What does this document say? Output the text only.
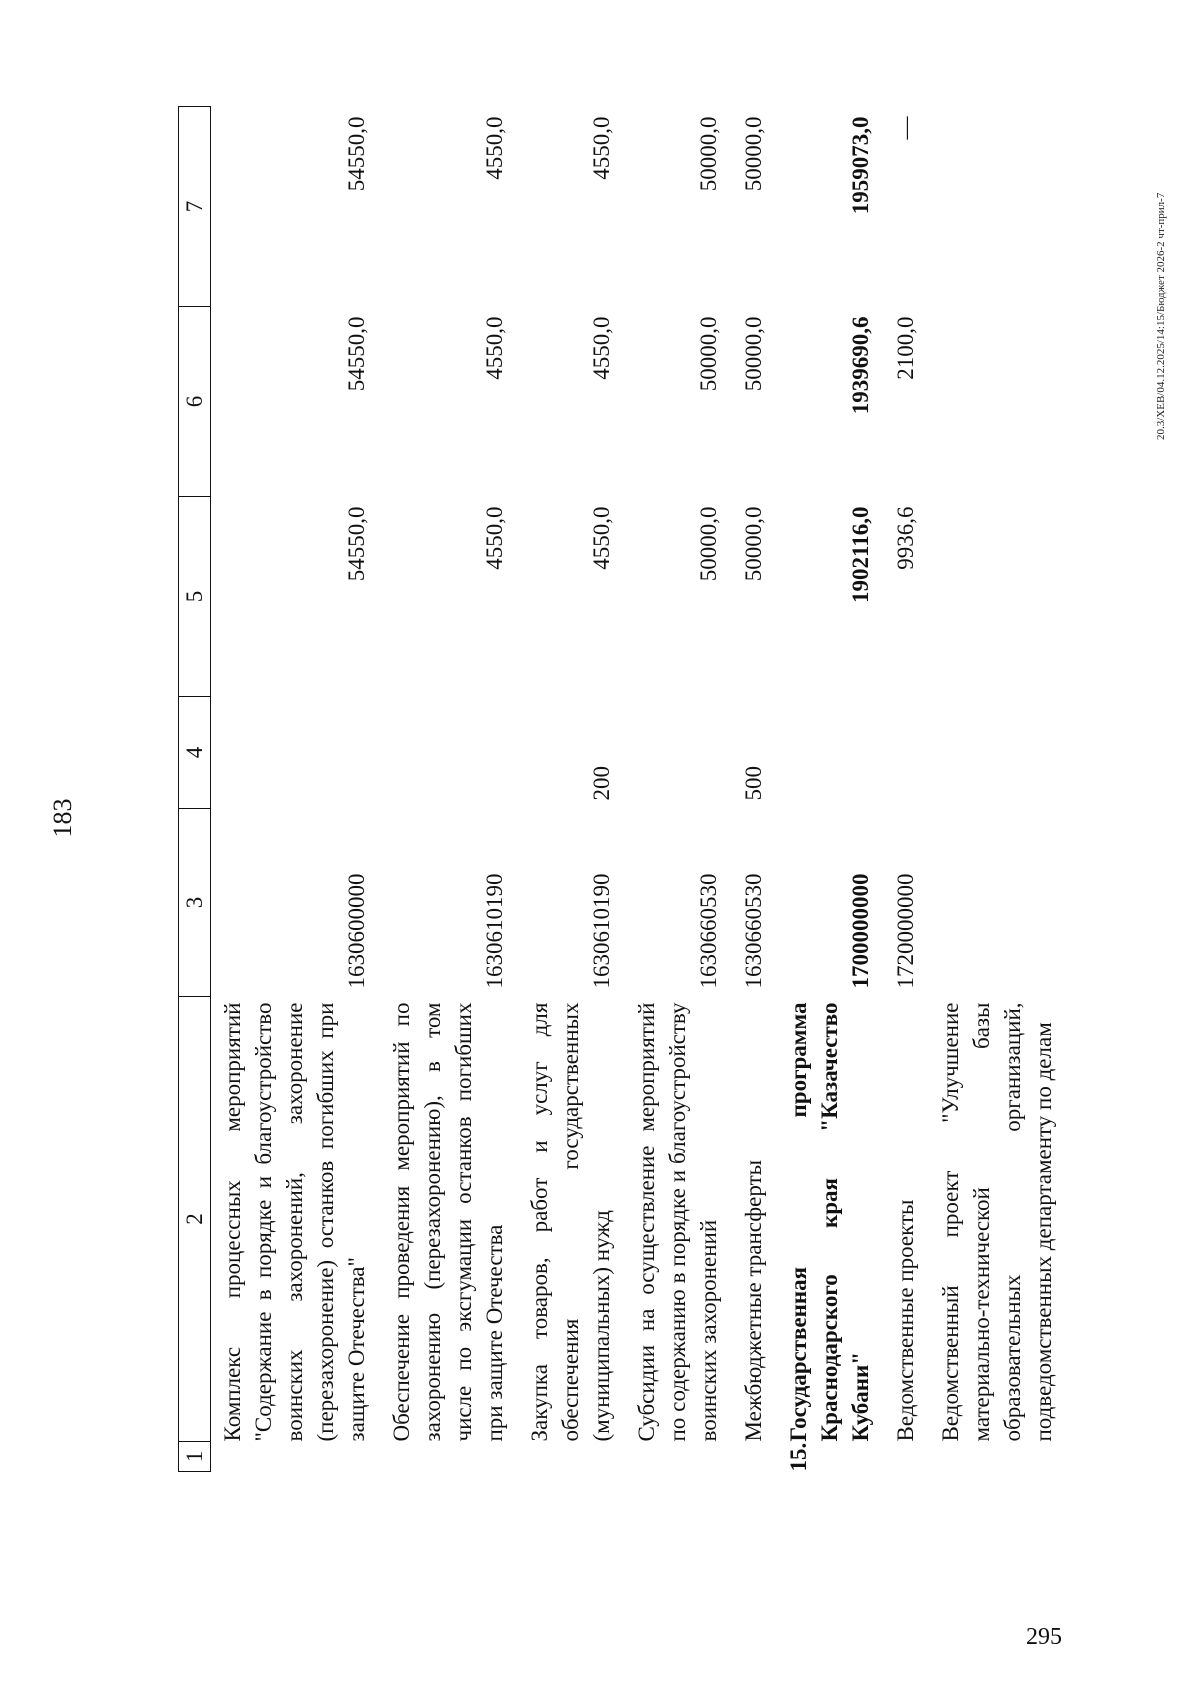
183
1	2	3	4	5	6	7
	Комплекс процессных мероприятий "Содержание в порядке и благоустройство воинских захоронений, захоронение (перезахоронение) останков погибших при защите Отечества"	1630600000		54550,0	54550,0	54550,0
	Обеспечение проведения мероприятий по захоронению (перезахоронению), в том числе по эксгумации останков погибших при защите Отечества	1630610190		4550,0	4550,0	4550,0
	Закупка товаров, работ и услуг для обеспечения государственных (муниципальных) нужд	1630610190	200	4550,0	4550,0	4550,0
	Субсидии на осуществление мероприятий по содержанию в порядке и благоустройству воинских захоронений	1630660530		50000,0	50000,0	50000,0
	Межбюджетные трансферты	1630660530	500	50000,0	50000,0	50000,0
15.	Государственная программа Краснодарского края "Казачество Кубани"	1700000000		1902116,0	1939690,6	1959073,0
	Ведомственные проекты	1720000000		9936,6	2100,0	—
	Ведомственный проект "Улучшение материально-технической базы образовательных организаций, подведомственных департаменту по делам					
20.3/ХЕВ/04.12.2025/14:15/Бюджет 2026-2 чт-прил-7
295
